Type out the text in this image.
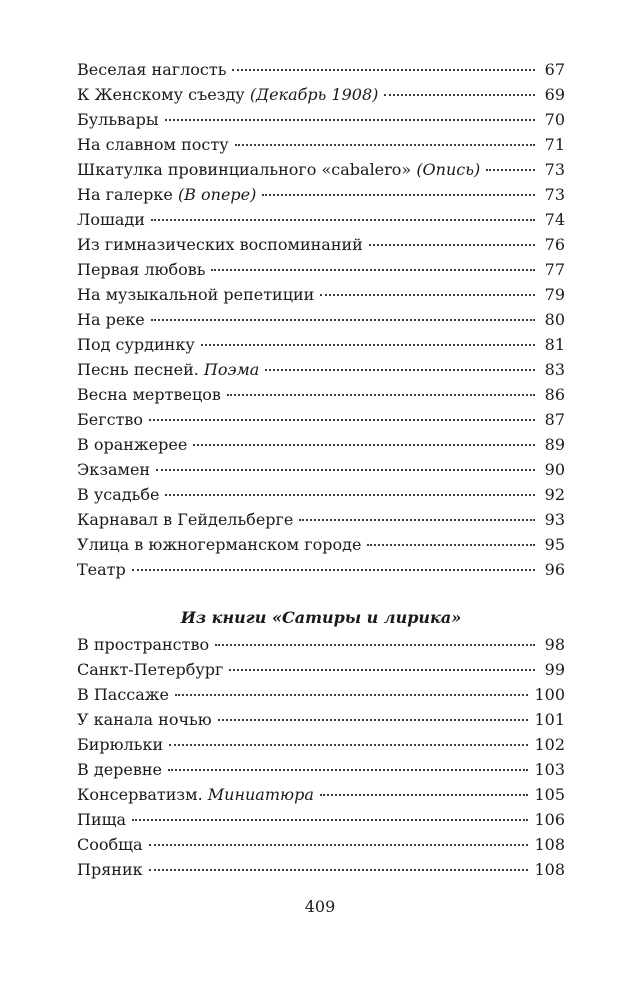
Веселая наглость	67
К Женскому съезду (Декабрь 1908)	69
Бульвары	70
На славном посту	71
Шкатулка провинциального «cabalero» (Опись)	73
На галерке (В опере)	73
Лошади	74
Из гимназических воспоминаний	76
Первая любовь	77
На музыкальной репетиции	79
На реке	80
Под сурдинку	81
Песнь песней. Поэма	83
Весна мертвецов	86
Бегство	87
В оранжерее	89
Экзамен	90
В усадьбе	92
Карнавал в Гейдельберге	93
Улица в южногерманском городе	95
Театр	96
Из книги «Сатиры и лирика»
В пространство	98
Санкт-Петербург	99
В Пассаже	100
У канала ночью	101
Бирюльки	102
В деревне	103
Консерватизм. Миниатюра	105
Пища	106
Сообща	108
Пряник	108
409
